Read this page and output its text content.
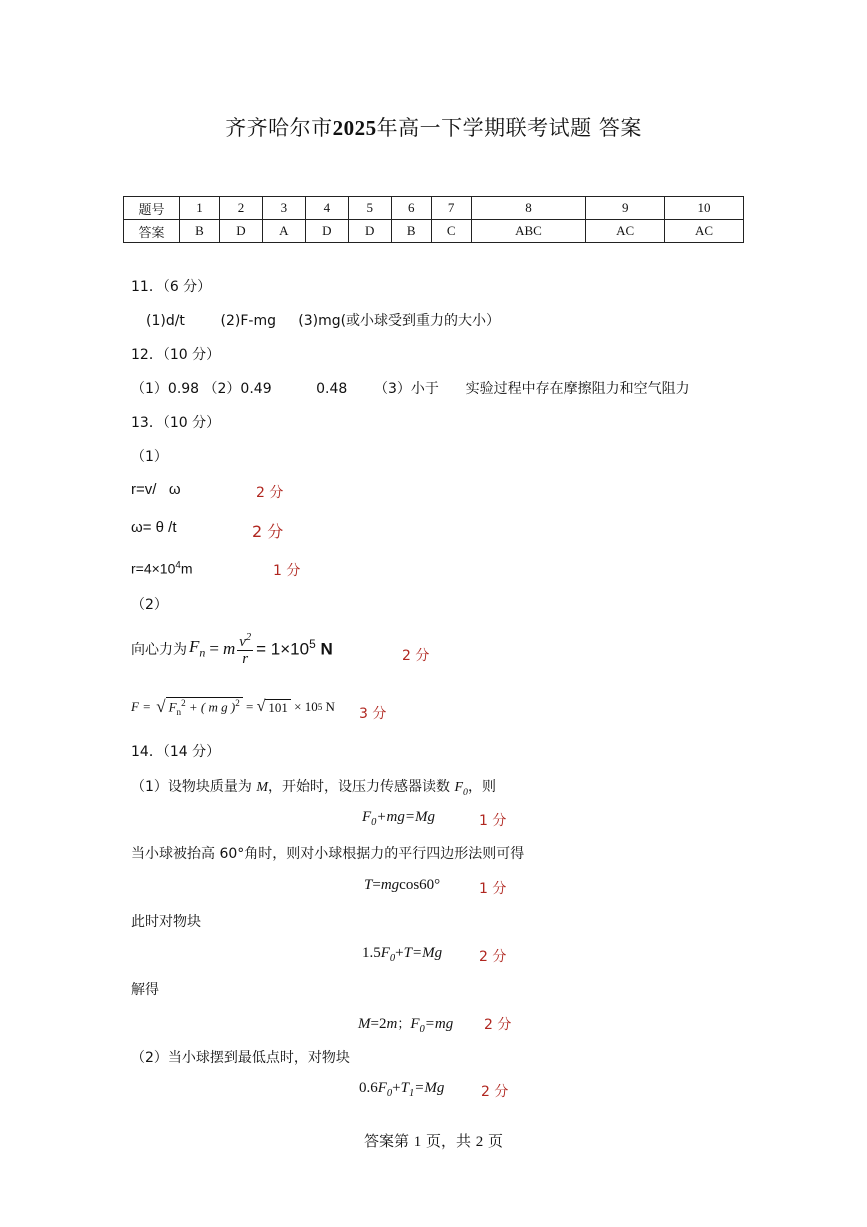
齐齐哈尔市2025年高一下学期联考试题 答案
题号	1	2	3	4	5	6	7	8	9	10
答案	B	D	A	D	D	B	C	ABC	AC	AC
11．（6 分）
(1)d/t        (2)F-mg     (3)mg(或小球受到重力的大小）
12．（10 分）
（1）0.98 （2）0.49          0.48      （3）小于      实验过程中存在摩擦阻力和空气阻力
13．（10 分）
（1）
r=v/   ω	2 分
ω= θ /t	2 分
$r=4\times 10^4m$	1 分
（2）
向心力为 $F_n = m \frac{v^2}{r} = 1\times 10^5$ N	2 分
F = √ $F_n^2$ + ( m g )$^2$ = √ 101 × 10 5 N 3 分
14．（14 分）
（1）设物块质量为 M，开始时，设压力传感器读数 $F_0$，则
$F_0+mg=Mg$	1 分
当小球被抬高 60°角时，则对小球根据力的平行四边形法则可得
T=mgcos60°	1 分
此时对物块
$1.5F_0+T=Mg$	2 分
解得
M=2m；$F_0=mg$ 2 分
（2）当小球摆到最低点时，对物块
$0.6F_0+T_1=Mg$	2 分
答案第 1 页，共 2 页
